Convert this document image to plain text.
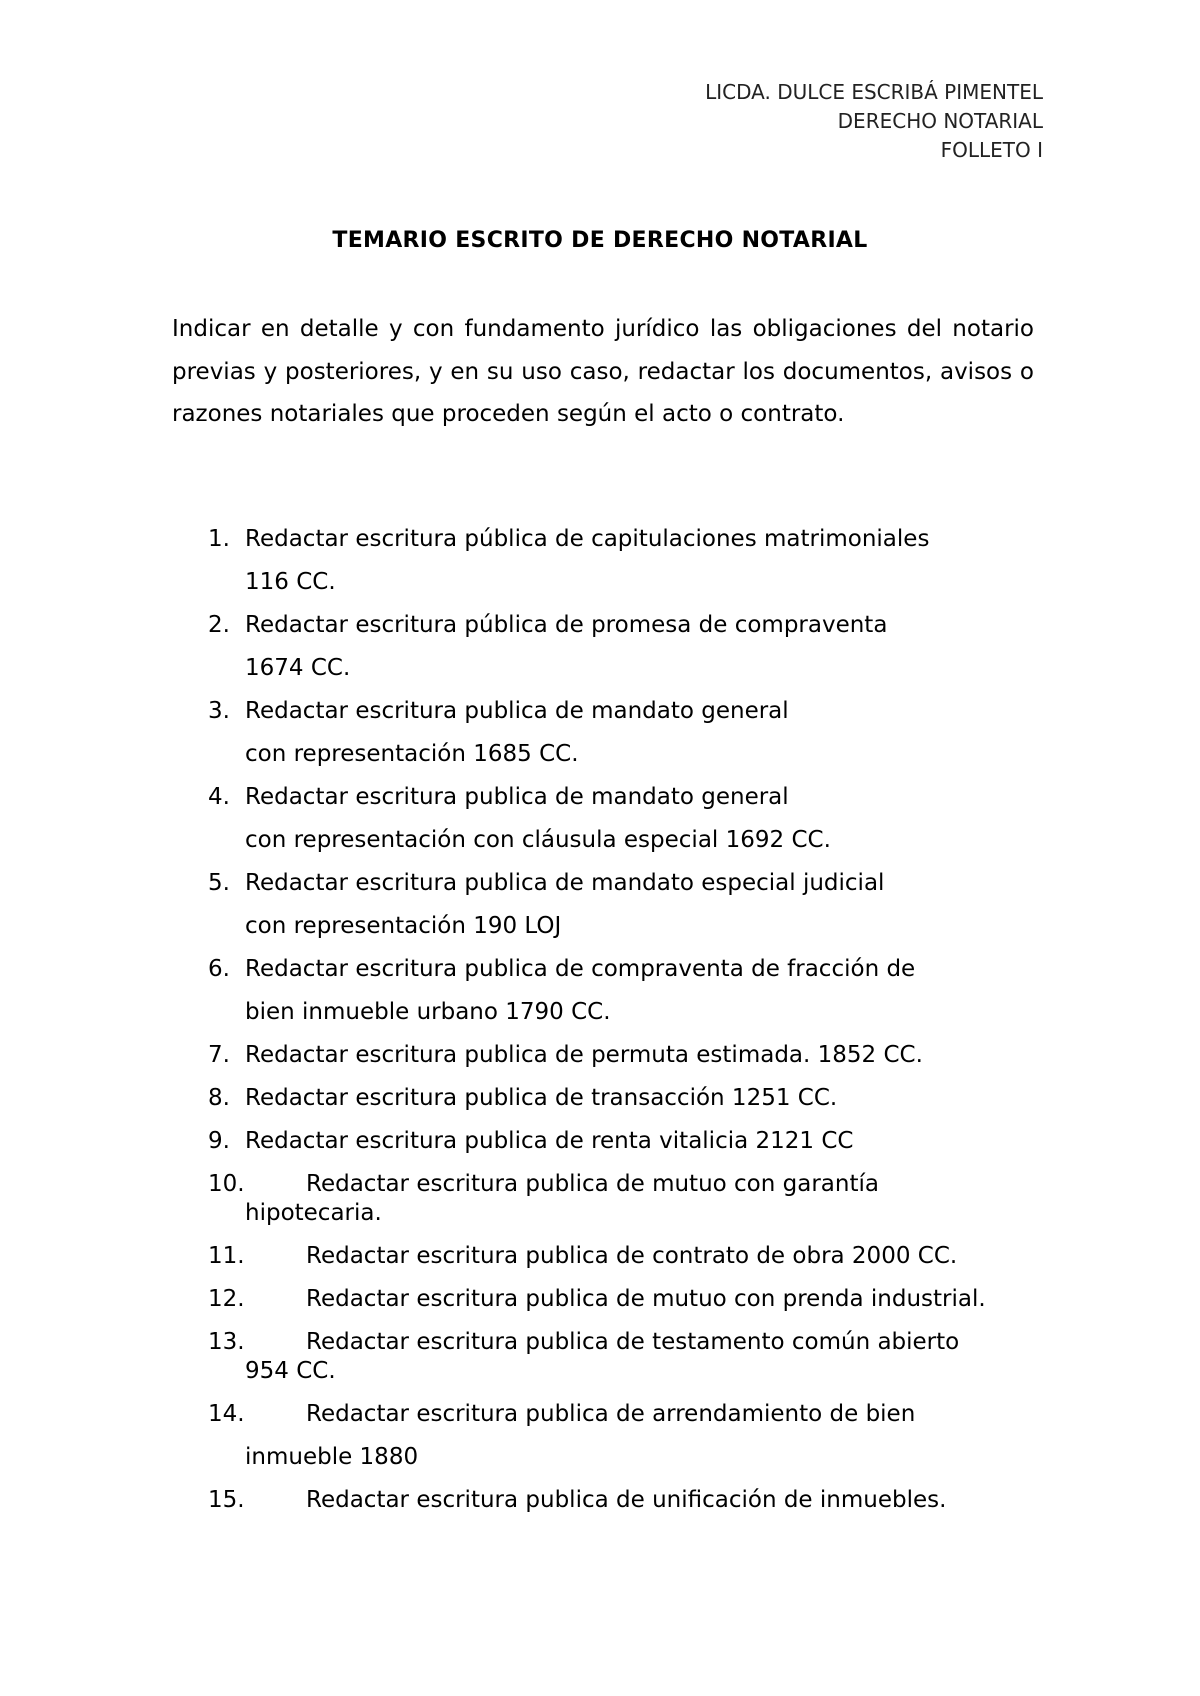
LICDA. DULCE ESCRIBÁ PIMENTEL
DERECHO NOTARIAL
FOLLETO I
TEMARIO ESCRITO DE DERECHO NOTARIAL
Indicar en detalle y con fundamento jurídico las obligaciones del notario previas y posteriores, y en su uso caso, redactar los documentos, avisos o razones notariales que proceden según el acto o contrato.
1. Redactar escritura pública de capitulaciones matrimoniales
116 CC.
2. Redactar escritura pública de promesa de compraventa
1674 CC.
3. Redactar escritura publica de mandato general
con representación 1685 CC.
4. Redactar escritura publica de mandato general
con representación con cláusula especial 1692 CC.
5. Redactar escritura publica de mandato especial judicial
con representación 190 LOJ
6. Redactar escritura publica de compraventa de fracción de
bien inmueble urbano 1790 CC.
7. Redactar escritura publica de permuta estimada. 1852 CC.
8. Redactar escritura publica de transacción 1251 CC.
9. Redactar escritura publica de renta vitalicia 2121 CC
10.	Redactar escritura publica de mutuo con garantía
hipotecaria.
11.	Redactar escritura publica de contrato de obra 2000 CC.
12.	Redactar escritura publica de mutuo con prenda industrial.
13.	Redactar escritura publica de testamento común abierto
954 CC.
14.	Redactar escritura publica de arrendamiento de bien
inmueble 1880
15.	Redactar escritura publica de unificación de inmuebles.
